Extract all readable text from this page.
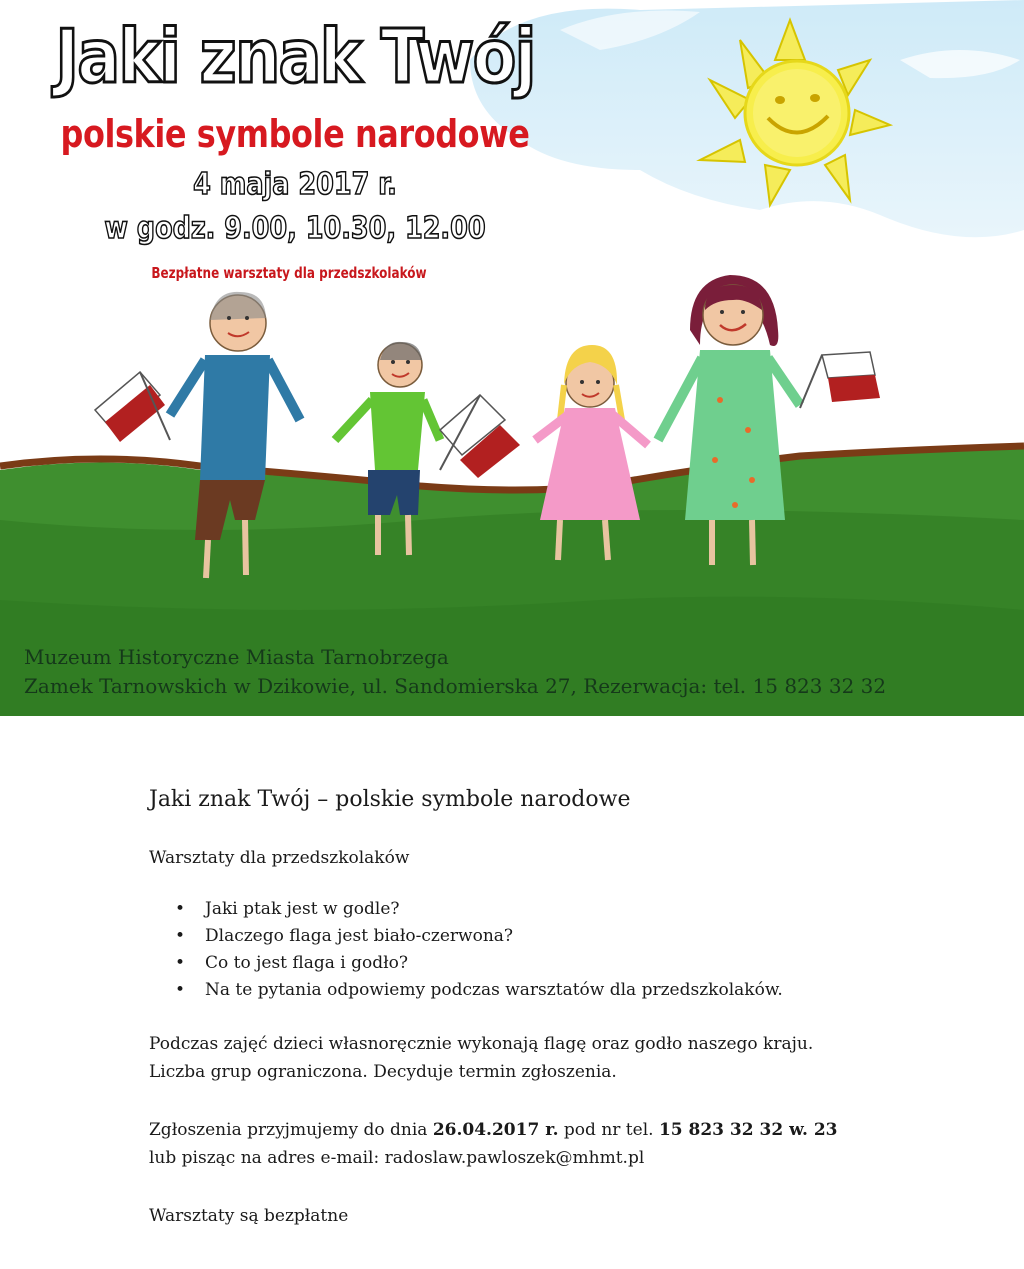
Jaki znak Twój
polskie symbole narodowe
4 maja 2017 r.
w godz. 9.00, 10.30, 12.00
Bezpłatne warsztaty dla przedszkolaków
Muzeum Historyczne Miasta Tarnobrzega
Zamek Tarnowskich w Dzikowie, ul. Sandomierska 27, Rezerwacja: tel. 15 823 32 32

Jaki znak Twój – polskie symbole narodowe

Warsztaty dla przedszkolaków

• Jaki ptak jest w godle?
• Dlaczego flaga jest biało-czerwona?
• Co to jest flaga i godło?
• Na te pytania odpowiemy podczas warsztatów dla przedszkolaków.

Podczas zajęć dzieci własnoręcznie wykonają flagę oraz godło naszego kraju.

Liczba grup ograniczona. Decyduje termin zgłoszenia.

Zgłoszenia przyjmujemy do dnia 26.04.2017 r. pod nr tel. 15 823 32 32 w. 23

lub pisząc na adres e-mail: radoslaw.pawloszek@mhmt.pl

Warsztaty są bezpłatne
